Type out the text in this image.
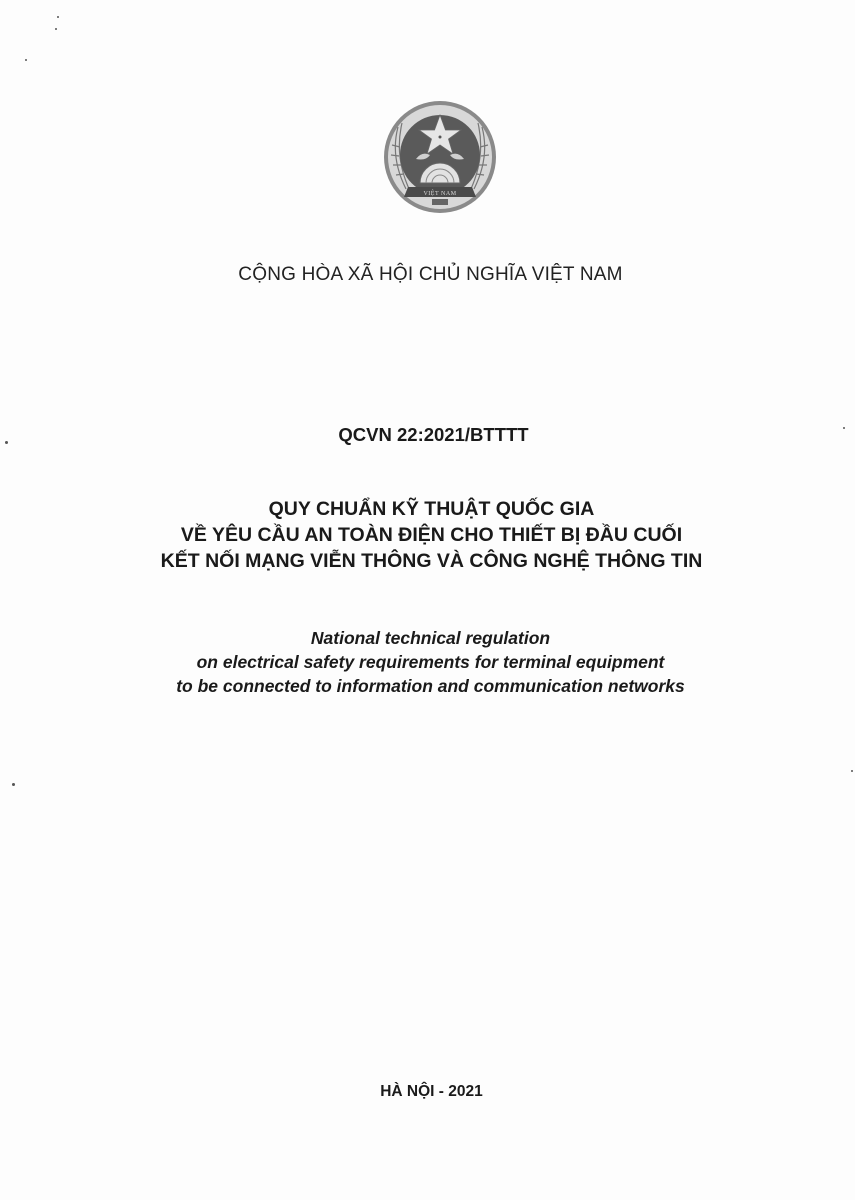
VIỆT NAM
CỘNG HÒA XÃ HỘI CHỦ NGHĨA VIỆT NAM
QCVN 22:2021/BTTTT
QUY CHUẨN KỸ THUẬT QUỐC GIA
VỀ YÊU CẦU AN TOÀN ĐIỆN CHO THIẾT BỊ ĐẦU CUỐI
KẾT NỐI MẠNG VIỄN THÔNG VÀ CÔNG NGHỆ THÔNG TIN
National technical regulation
on electrical safety requirements for terminal equipment
to be connected to information and communication networks
HÀ NỘI - 2021
